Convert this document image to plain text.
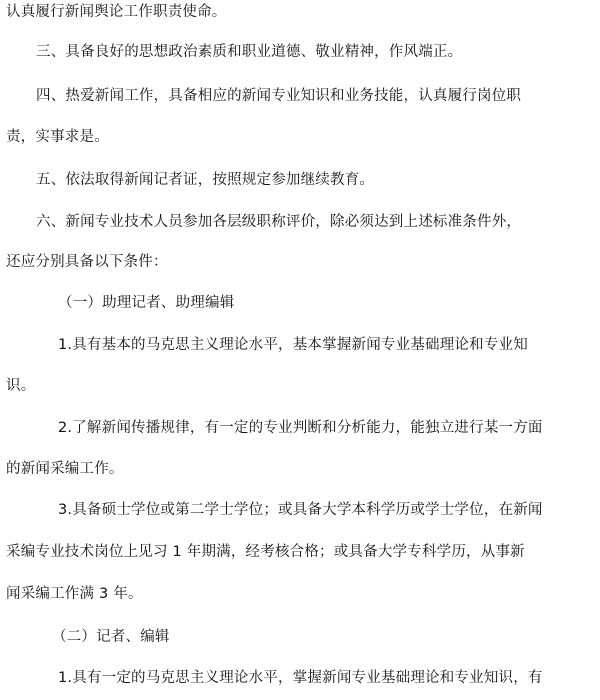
认真履行新闻舆论工作职责使命。
三、具备良好的思想政治素质和职业道德、敬业精神，作风端正。
四、热爱新闻工作，具备相应的新闻专业知识和业务技能，认真履行岗位职
责，实事求是。
五、依法取得新闻记者证，按照规定参加继续教育。
六、新闻专业技术人员参加各层级职称评价，除必须达到上述标准条件外，
还应分别具备以下条件：
（一）助理记者、助理编辑
1.具有基本的马克思主义理论水平，基本掌握新闻专业基础理论和专业知
识。
2.了解新闻传播规律，有一定的专业判断和分析能力，能独立进行某一方面
的新闻采编工作。
3.具备硕士学位或第二学士学位；或具备大学本科学历或学士学位，在新闻
采编专业技术岗位上见习 1 年期满，经考核合格；或具备大学专科学历，从事新
闻采编工作满 3 年。
（二）记者、编辑
1.具有一定的马克思主义理论水平，掌握新闻专业基础理论和专业知识，有
